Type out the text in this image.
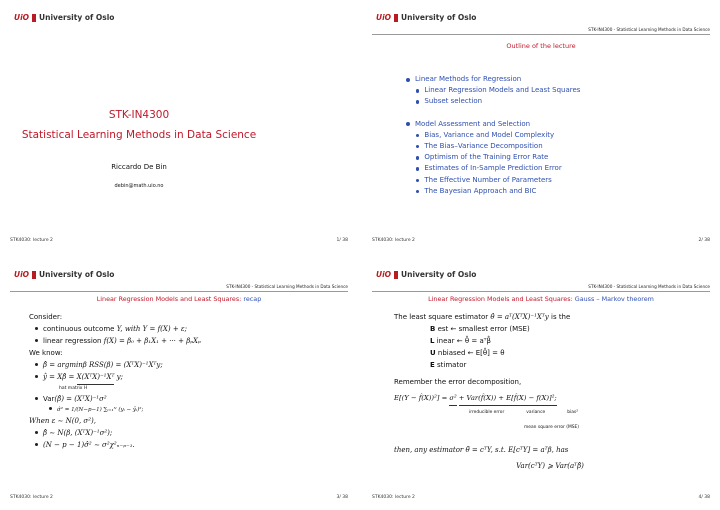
UiO University of Oslo
STK-IN4300
Statistical Learning Methods in Data Science
Riccardo De Bin
debin@math.uio.no
STK4030: lecture 2	1/ 38
UiO University of Oslo
STK-IN4300 - Statistical Learning Methods in Data Science
Outline of the lecture
Linear Methods for Regression
Linear Regression Models and Least Squares
Subset selection
Model Assessment and Selection
Bias, Variance and Model Complexity
The Bias–Variance Decomposition
Optimism of the Training Error Rate
Estimates of In-Sample Prediction Error
The Effective Number of Parameters
The Bayesian Approach and BIC
STK4030: lecture 2	2/ 38
UiO University of Oslo
STK-IN4300 - Statistical Learning Methods in Data Science
Linear Regression Models and Least Squares: recap
Consider:
continuous outcome Y, with Y = f(X) + ε;
linear regression f(X) = β₀ + β₁X₁ + ··· + βₚXₚ
We know:
β̂ = argminβ RSS(β) = (XᵀX)⁻¹Xᵀy;
ŷ = Xβ̂ = X(XᵀX)⁻¹Xᵀ y;
hat matrix H
Var(β̂) = (XᵀX)⁻¹σ²
σ̂² = 1/(N−p−1) ∑ᵢ₌₁ᴺ (yᵢ − ŷᵢ)²;
When ε ∼ N(0, σ²),
β̂ ∼ N(β, (XᵀX)⁻¹σ²);
(N − p − 1)σ̂² ∼ σ²χ²ₙ₋ₚ₋₁.
STK4030: lecture 2	3/ 38
UiO University of Oslo
STK-IN4300 - Statistical Learning Methods in Data Science
Linear Regression Models and Least Squares: Gauss – Markov theorem
The least square estimator θ̂ = aᵀ(XᵀX)⁻¹Xᵀy is the
B est ← smallest error (MSE)
L inear ← θ̂ = aᵀβ̂
U nbiased ← E[θ̂] = θ
E stimator
Remember the error decomposition,
E[(Y − f̂(X))²] = σ² + Var(f̂(X)) + E[f̂(X) − f(X)]²;
irreducible error	variance	bias²
mean square error (MSE)
then, any estimator θ̃ = cᵀY, s.t. E[cᵀY] = aᵀβ, has
Var(cᵀY) ⩾ Var(aᵀβ̂)
STK4030: lecture 2	4/ 38
